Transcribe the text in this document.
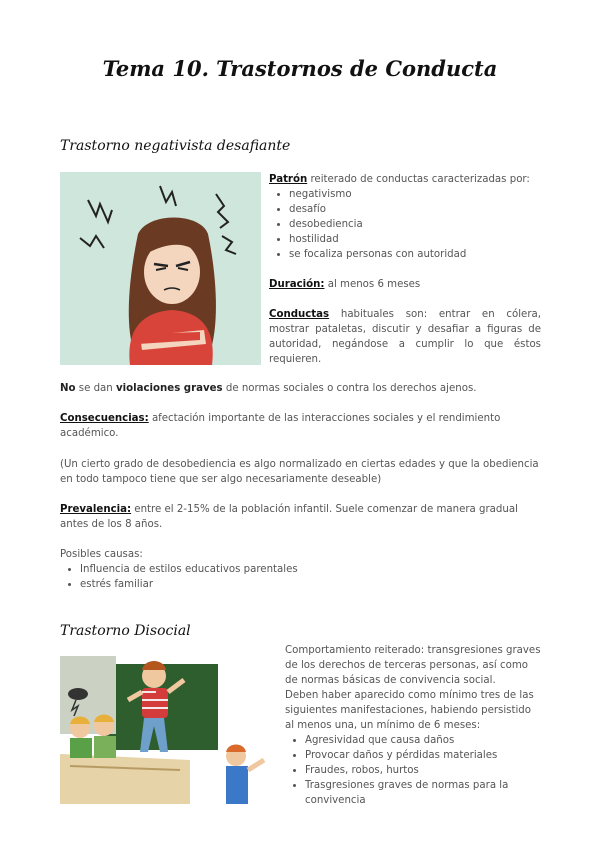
Tema 10. Trastornos de Conducta
Trastorno negativista desafiante

Patrón reiterado de conductas caracterizadas por:

• negativismo
• desafío
• desobediencia
• hostilidad
• se focaliza personas con autoridad

Duración: al menos 6 meses

Conductas habituales son: entrar en cólera, mostrar pataletas, discutir y desafiar a figuras de autoridad, negándose a cumplir lo que éstos requieren.

No se dan violaciones graves de normas sociales o contra los derechos ajenos.

Consecuencias: afectación importante de las interacciones sociales y el rendimiento académico.

(Un cierto grado de desobediencia es algo normalizado en ciertas edades y que la obediencia en todo tampoco tiene que ser algo necesariamente deseable)

Prevalencia: entre el 2-15% de la población infantil. Suele comenzar de manera gradual antes de los 8 años.

Posibles causas:

• Influencia de estilos educativos parentales
• estrés familiar
Trastorno Disocial

Comportamiento reiterado: transgresiones graves de los derechos de terceras personas, así como de normas básicas de convivencia social.

Deben haber aparecido como mínimo tres de las siguientes manifestaciones, habiendo persistido al menos una, un mínimo de 6 meses:

• Agresividad que causa daños
• Provocar daños y pérdidas materiales
• Fraudes, robos, hurtos
• Trasgresiones graves de normas para la convivencia
